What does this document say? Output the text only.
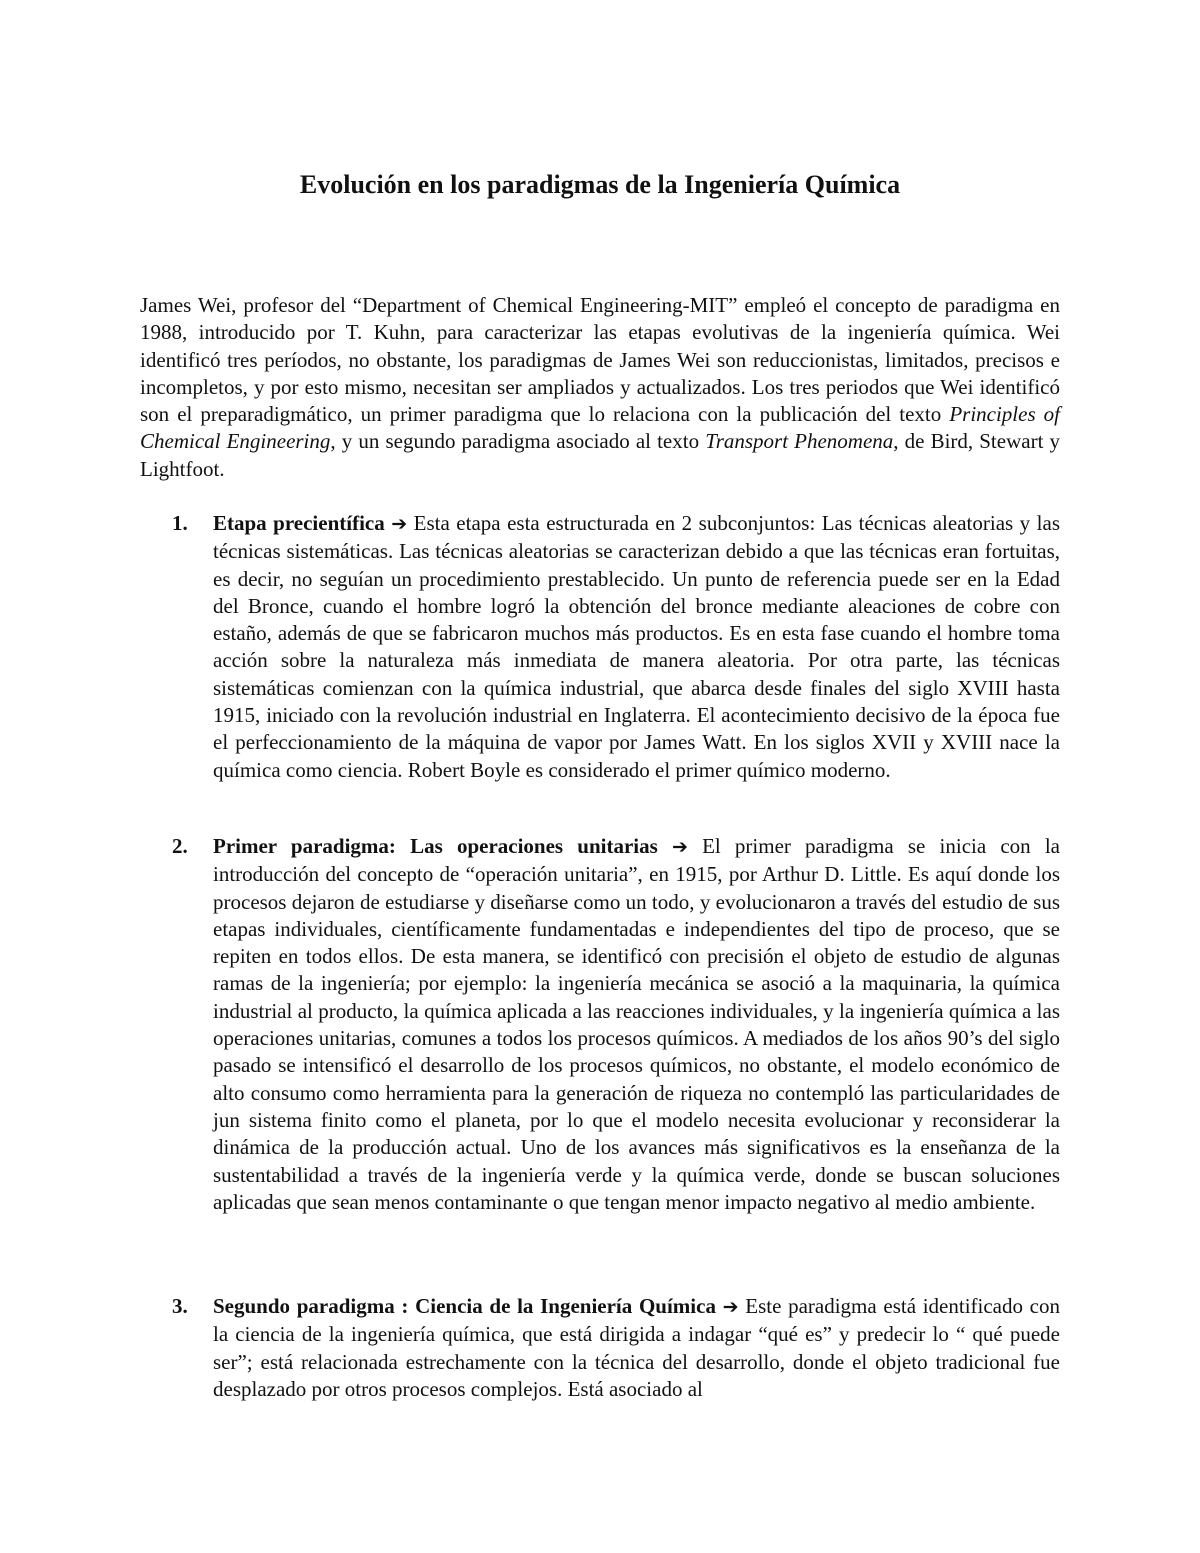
Evolución en los paradigmas de la Ingeniería Química

James Wei, profesor del “Department of Chemical Engineering-MIT” empleó el concepto de paradigma en 1988, introducido por T. Kuhn, para caracterizar las etapas evolutivas de la ingeniería química. Wei identificó tres períodos, no obstante, los paradigmas de James Wei son reduccionistas, limitados, precisos e incompletos, y por esto mismo, necesitan ser ampliados y actualizados. Los tres periodos que Wei identificó son el preparadigmático, un primer paradigma que lo relaciona con la publicación del texto Principles of Chemical Engineering, y un segundo paradigma asociado al texto Transport Phenomena, de Bird, Stewart y Lightfoot.

1. Etapa precientífica ➔ Esta etapa esta estructurada en 2 subconjuntos: Las técnicas aleatorias y las técnicas sistemáticas. Las técnicas aleatorias se caracterizan debido a que las técnicas eran fortuitas, es decir, no seguían un procedimiento prestablecido. Un punto de referencia puede ser en la Edad del Bronce, cuando el hombre logró la obtención del bronce mediante aleaciones de cobre con estaño, además de que se fabricaron muchos más productos. Es en esta fase cuando el hombre toma acción sobre la naturaleza más inmediata de manera aleatoria. Por otra parte, las técnicas sistemáticas comienzan con la química industrial, que abarca desde finales del siglo XVIII hasta 1915, iniciado con la revolución industrial en Inglaterra. El acontecimiento decisivo de la época fue el perfeccionamiento de la máquina de vapor por James Watt. En los siglos XVII y XVIII nace la química como ciencia. Robert Boyle es considerado el primer químico moderno.
2. Primer paradigma: Las operaciones unitarias ➔ El primer paradigma se inicia con la introducción del concepto de “operación unitaria”, en 1915, por Arthur D. Little. Es aquí donde los procesos dejaron de estudiarse y diseñarse como un todo, y evolucionaron a través del estudio de sus etapas individuales, científicamente fundamentadas e independientes del tipo de proceso, que se repiten en todos ellos. De esta manera, se identificó con precisión el objeto de estudio de algunas ramas de la ingeniería; por ejemplo: la ingeniería mecánica se asoció a la maquinaria, la química industrial al producto, la química aplicada a las reacciones individuales, y la ingeniería química a las operaciones unitarias, comunes a todos los procesos químicos. A mediados de los años 90’s del siglo pasado se intensificó el desarrollo de los procesos químicos, no obstante, el modelo económico de alto consumo como herramienta para la generación de riqueza no contempló las particularidades de jun sistema finito como el planeta, por lo que el modelo necesita evolucionar y reconsiderar la dinámica de la producción actual. Uno de los avances más significativos es la enseñanza de la sustentabilidad a través de la ingeniería verde y la química verde, donde se buscan soluciones aplicadas que sean menos contaminante o que tengan menor impacto negativo al medio ambiente.
3. Segundo paradigma : Ciencia de la Ingeniería Química ➔ Este paradigma está identificado con la ciencia de la ingeniería química, que está dirigida a indagar “qué es” y predecir lo “ qué puede ser”; está relacionada estrechamente con la técnica del desarrollo, donde el objeto tradicional fue desplazado por otros procesos complejos. Está asociado al
